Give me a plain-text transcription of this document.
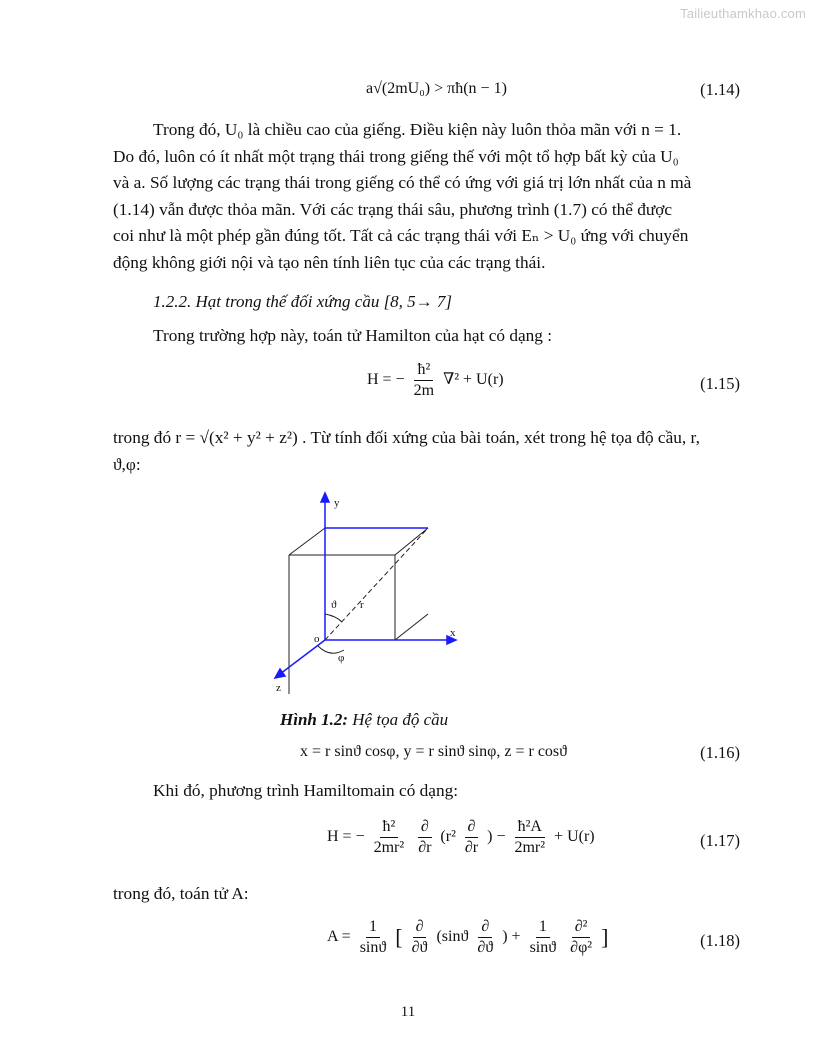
Tailieuthamkhao.com
a√(2mU₀) > πħ(n − 1)	(1.14)

Trong đó, U₀ là chiều cao của giếng. Điều kiện này luôn thỏa mãn với n = 1.

Do đó, luôn có ít nhất một trạng thái trong giếng thế với một tổ hợp bất kỳ của U₀

và a. Số lượng các trạng thái trong giếng có thể có ứng với giá trị lớn nhất của n mà

(1.14) vẫn được thỏa mãn. Với các trạng thái sâu, phương trình (1.7) có thể được

coi như là một phép gần đúng tốt. Tất cả các trạng thái với Eₙ > U₀ ứng với chuyển

động không giới nội và tạo nên tính liên tục của các trạng thái.

1.2.2. Hạt trong thế đối xứng cầu [8, 5→ 7]

Trong trường hợp này, toán tử Hamilton của hạt có dạng :

H = − $\frac{\text{ħ²}}{2m} \nabla^2 + U(r)$	(1.15)

trong đó r = √(x² + y² + z²) . Từ tính đối xứng của bài toán, xét trong hệ tọa độ cầu, r,

ϑ,φ:

y
x
z
o
r
ϑ
φ
Hình 1.2: Hệ tọa độ cầu
x = r sinϑ cosφ, y = r sinϑ sinφ, z = r cosϑ	(1.16)

Khi đó, phương trình Hamiltomain có dạng:

H = − $\frac{\text{ħ²}}{\text{2mr²}}$
$\frac{\partial}{\partial r} (r^2 \frac{\partial}{\partial r}$ ) − $\frac{\text{ħ²A}}{\text{2mr²}} + U(r)$	(1.17)

trong đó, toán tử A:

$A = \frac{1}{\sin ϑ}$ [ $\frac{\partial}{\partial ϑ} (\sin ϑ \frac{\partial}{\partial ϑ}$ ) + $\frac{1}{\sin ϑ}$
$\frac{\text{∂²}}{\text{∂φ²}}$ ]	(1.18)
11
